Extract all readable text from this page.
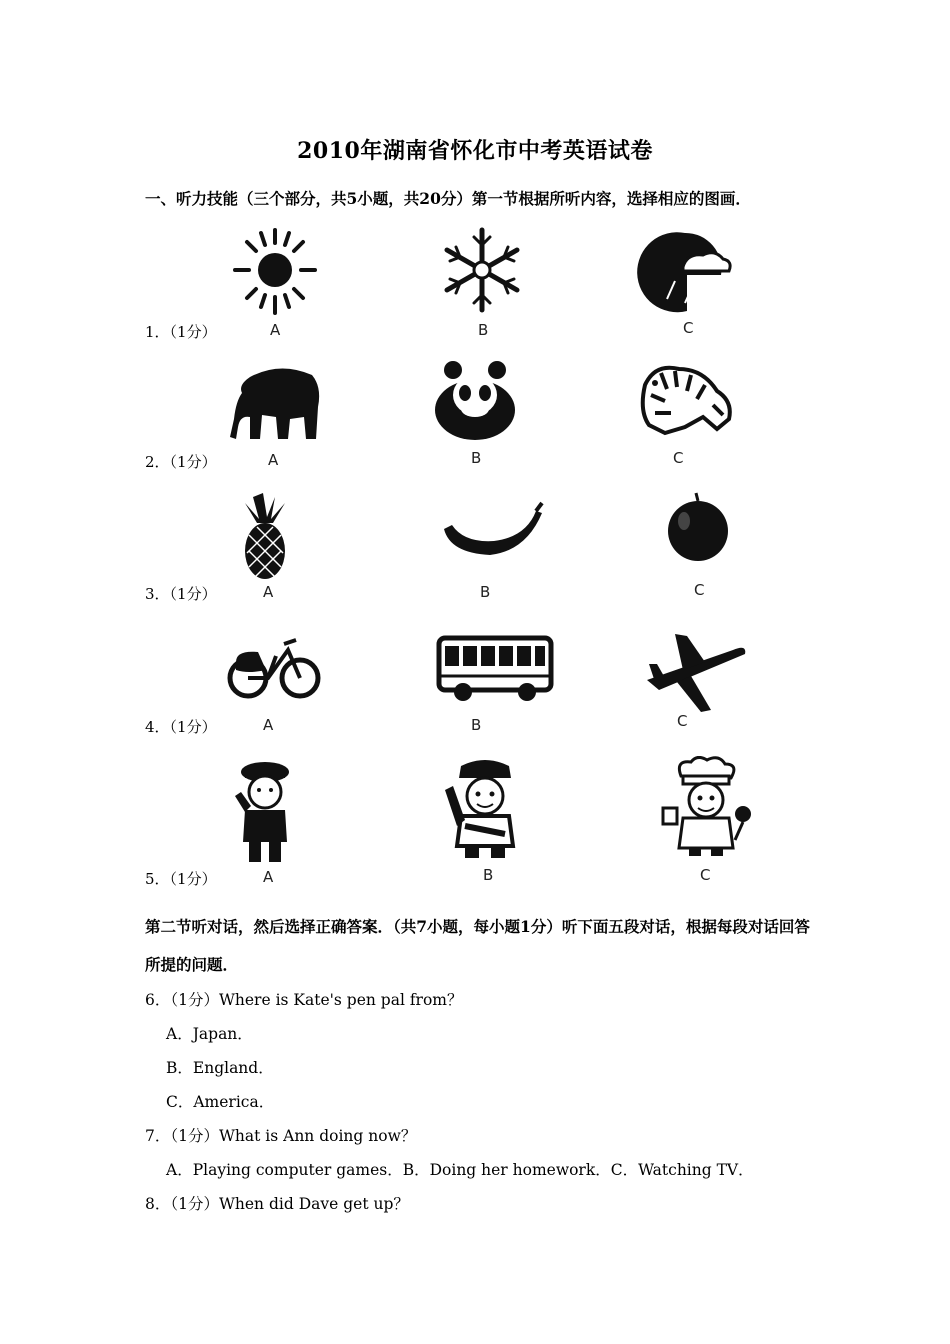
2010年湖南省怀化市中考英语试卷
一、听力技能（三个部分，共5小题，共20分）第一节根据所听内容，选择相应的图画．
1．（1分）	A	B	C
2．（1分）	A	B	C
3．（1分）	A	B	C
4．（1分）	A	B	C
5．（1分）	A	B	C
第二节听对话，然后选择正确答案．（共7小题，每小题1分）听下面五段对话，根据每段对话回答所提的问题．
6．（1分）Where is Kate's pen pal from？
A．Japan．
B．England．
C．America．
7．（1分）What is Ann doing now？
A．Playing computer games．B．Doing her homework．C．Watching TV．
8．（1分）When did Dave get up？
